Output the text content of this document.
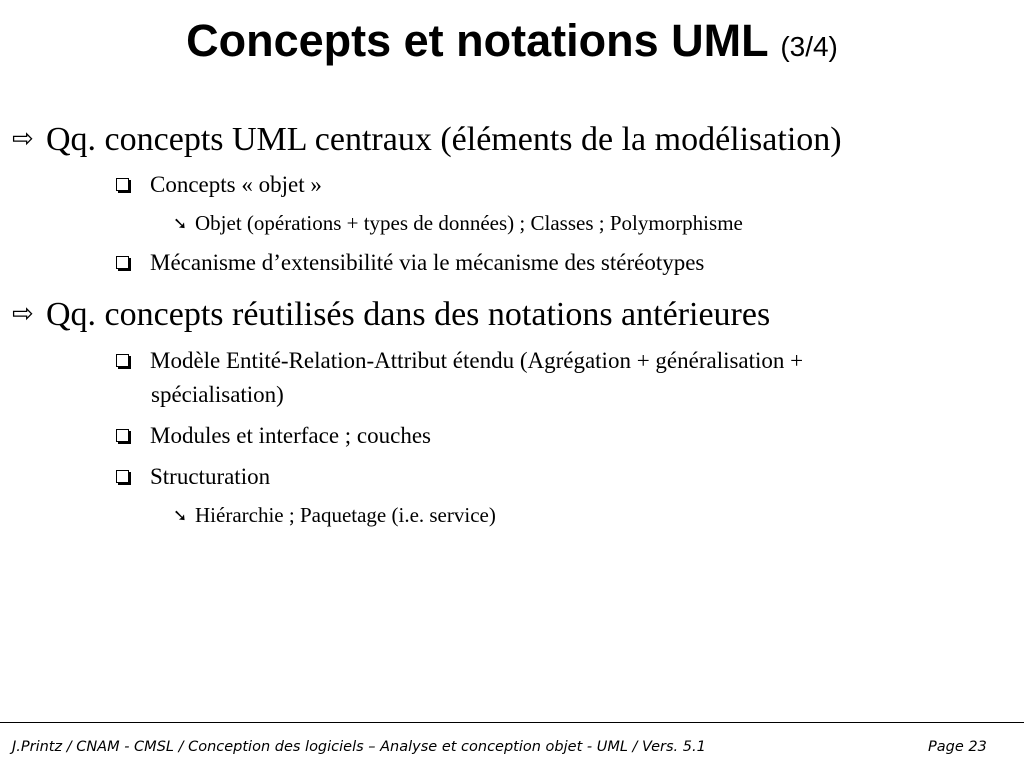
Concepts et notations UML (3/4)
⇨ Qq. concepts UML centraux (éléments de la modélisation)
Concepts « objet »
➘ Objet (opérations + types de données) ; Classes ; Polymorphisme
Mécanisme d’extensibilité via le mécanisme des stéréotypes
⇨ Qq. concepts réutilisés dans des notations antérieures
Modèle Entité-Relation-Attribut étendu (Agrégation + généralisation +
spécialisation)
Modules et interface ; couches
Structuration
➘ Hiérarchie ; Paquetage (i.e. service)
J.Printz / CNAM - CMSL / Conception des logiciels – Analyse et conception objet - UML / Vers. 5.1	Page 23
